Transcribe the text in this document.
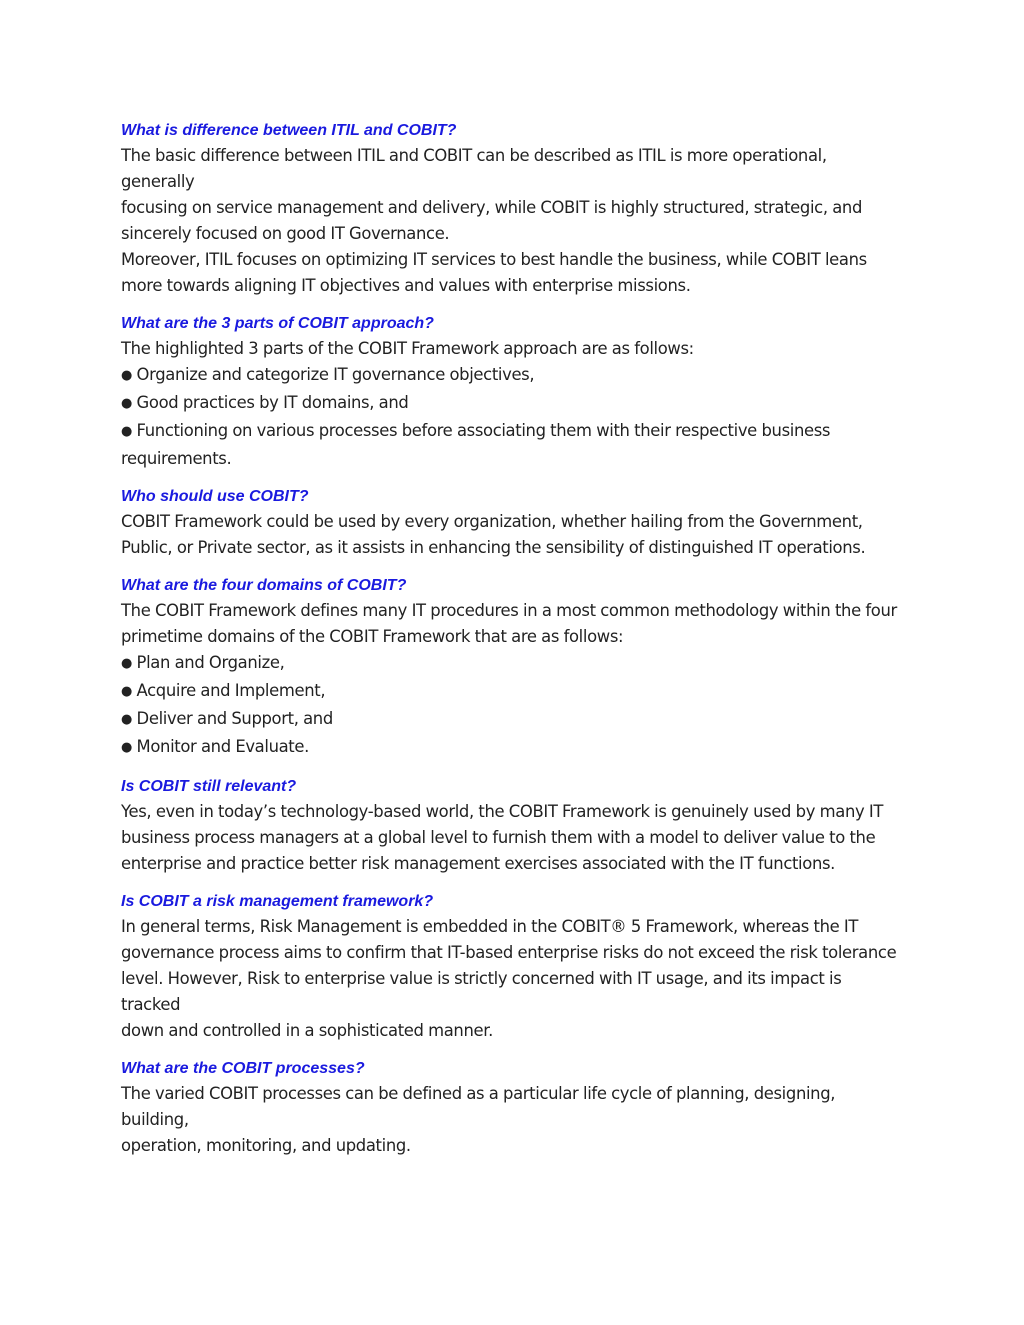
What is difference between ITIL and COBIT?
The basic difference between ITIL and COBIT can be described as ITIL is more operational, generally
focusing on service management and delivery, while COBIT is highly structured, strategic, and
sincerely focused on good IT Governance.
Moreover, ITIL focuses on optimizing IT services to best handle the business, while COBIT leans
more towards aligning IT objectives and values with enterprise missions.
What are the 3 parts of COBIT approach?
The highlighted 3 parts of the COBIT Framework approach are as follows:
● Organize and categorize IT governance objectives,
● Good practices by IT domains, and
● Functioning on various processes before associating them with their respective business
requirements.
Who should use COBIT?
COBIT Framework could be used by every organization, whether hailing from the Government,
Public, or Private sector, as it assists in enhancing the sensibility of distinguished IT operations.
What are the four domains of COBIT?
The COBIT Framework defines many IT procedures in a most common methodology within the four
primetime domains of the COBIT Framework that are as follows:
● Plan and Organize,
● Acquire and Implement,
● Deliver and Support, and
● Monitor and Evaluate.
Is COBIT still relevant?
Yes, even in today’s technology-based world, the COBIT Framework is genuinely used by many IT
business process managers at a global level to furnish them with a model to deliver value to the
enterprise and practice better risk management exercises associated with the IT functions.
Is COBIT a risk management framework?
In general terms, Risk Management is embedded in the COBIT® 5 Framework, whereas the IT
governance process aims to confirm that IT-based enterprise risks do not exceed the risk tolerance
level. However, Risk to enterprise value is strictly concerned with IT usage, and its impact is tracked
down and controlled in a sophisticated manner.
What are the COBIT processes?
The varied COBIT processes can be defined as a particular life cycle of planning, designing, building,
operation, monitoring, and updating.
